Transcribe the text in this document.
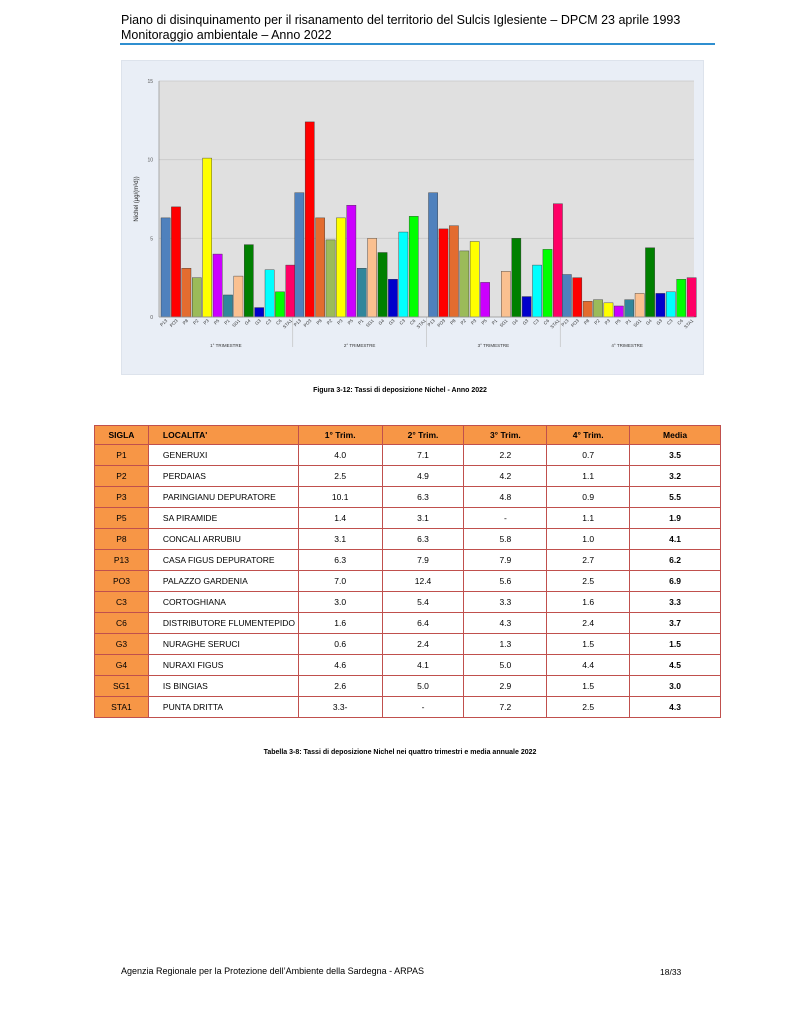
Piano di disinquinamento per il risanamento del territorio del Sulcis Iglesiente – DPCM 23 aprile 1993
Monitoraggio ambientale – Anno 2022
0
5
10
15
Nichel (µg/(m²d))
P13 PO3 P8 P2 P3 P5 P1 SG1 G4 G3 C3 C6 STA1
1° TRIMESTRE
P13 PO3 P8 P2 P3 P5 P1 SG1 G4 G3 C3 C6 STA1
2° TRIMESTRE
P13 PO3 P8 P2 P3 P5 P1 SG1 G4 G3 C3 C6 STA1
3° TRIMESTRE
P13 PO3 P8 P2 P3 P5 P1 SG1 G4 G3 C3 C6 STA1
4° TRIMESTRE
Figura 3-12: Tassi di deposizione Nichel - Anno 2022
SIGLA	LOCALITA'	1° Trim.	2° Trim.	3° Trim.	4° Trim.	Media
P1	GENERUXI	4.0	7.1	2.2	0.7	3.5
P2	PERDAIAS	2.5	4.9	4.2	1.1	3.2
P3	PARINGIANU DEPURATORE	10.1	6.3	4.8	0.9	5.5
P5	SA PIRAMIDE	1.4	3.1	-	1.1	1.9
P8	CONCALI ARRUBIU	3.1	6.3	5.8	1.0	4.1
P13	CASA FIGUS DEPURATORE	6.3	7.9	7.9	2.7	6.2
PO3	PALAZZO GARDENIA	7.0	12.4	5.6	2.5	6.9
C3	CORTOGHIANA	3.0	5.4	3.3	1.6	3.3
C6	DISTRIBUTORE FLUMENTEPIDO	1.6	6.4	4.3	2.4	3.7
G3	NURAGHE SERUCI	0.6	2.4	1.3	1.5	1.5
G4	NURAXI FIGUS	4.6	4.1	5.0	4.4	4.5
SG1	IS BINGIAS	2.6	5.0	2.9	1.5	3.0
STA1	PUNTA DRITTA	3.3-	-	7.2	2.5	4.3
Tabella 3-8: Tassi di deposizione Nichel nei quattro trimestri e media annuale 2022
Agenzia Regionale per la Protezione dell’Ambiente della Sardegna - ARPAS	18/33
